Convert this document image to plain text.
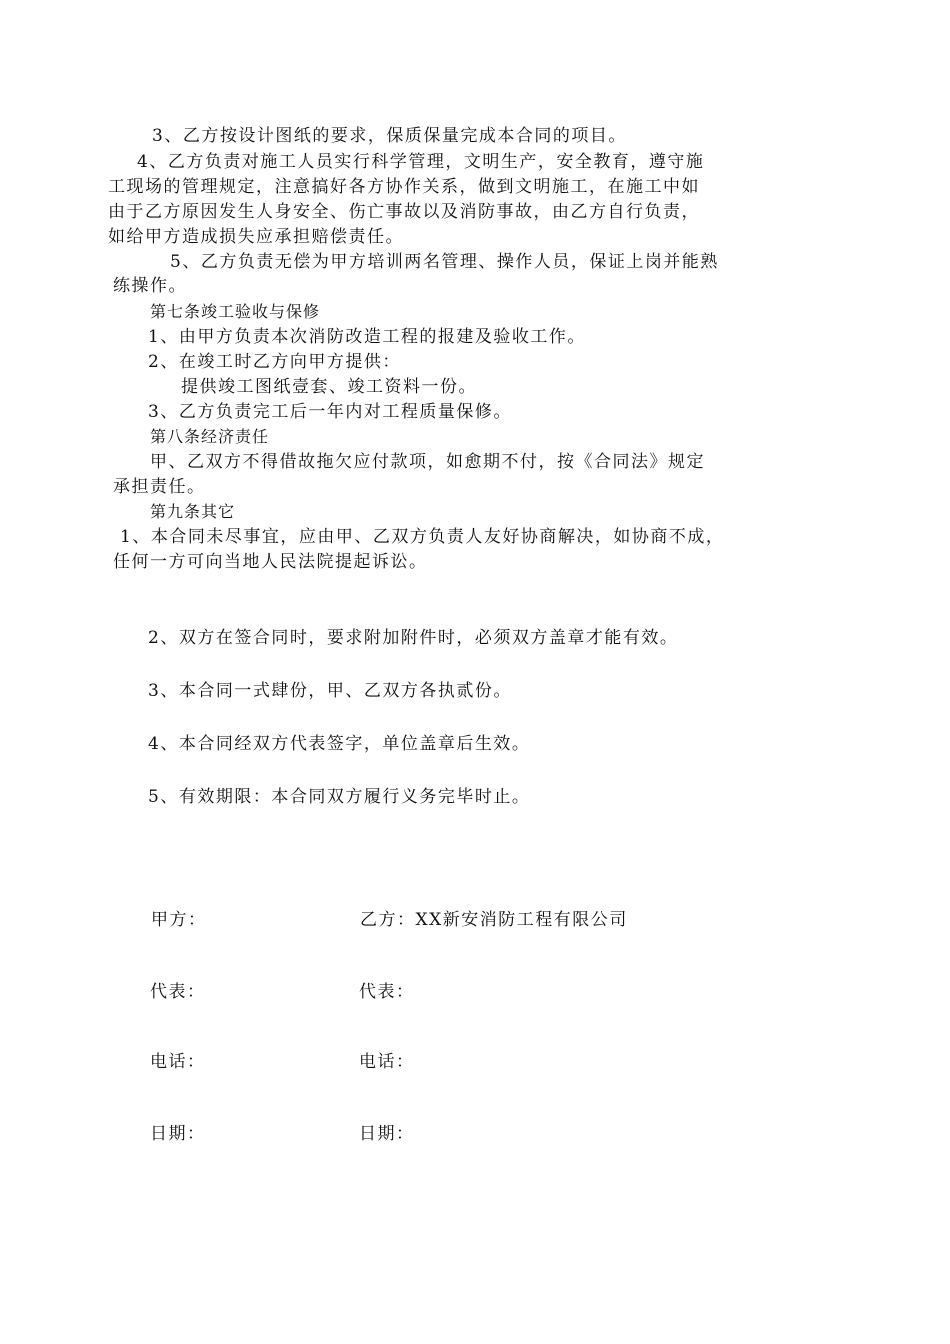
3、乙方按设计图纸的要求，保质保量完成本合同的项目。
4、乙方负责对施工人员实行科学管理，文明生产，安全教育，遵守施
工现场的管理规定，注意搞好各方协作关系，做到文明施工，在施工中如
由于乙方原因发生人身安全、伤亡事故以及消防事故，由乙方自行负责，
如给甲方造成损失应承担赔偿责任。
5、乙方负责无偿为甲方培训两名管理、操作人员，保证上岗并能熟
练操作。
第七条竣工验收与保修
1、由甲方负责本次消防改造工程的报建及验收工作。
2、在竣工时乙方向甲方提供：
提供竣工图纸壹套、竣工资料一份。
3、乙方负责完工后一年内对工程质量保修。
第八条经济责任
甲、乙双方不得借故拖欠应付款项，如愈期不付，按《合同法》规定
承担责任。
第九条其它
1、本合同未尽事宜，应由甲、乙双方负责人友好协商解决，如协商不成，
任何一方可向当地人民法院提起诉讼。
2、双方在签合同时，要求附加附件时，必须双方盖章才能有效。
3、本合同一式肆份，甲、乙双方各执贰份。
4、本合同经双方代表签字，单位盖章后生效。
5、有效期限：本合同双方履行义务完毕时止。
甲方：	乙方：XX新安消防工程有限公司
代表：	代表：
电话：	电话：
日期：	日期：
